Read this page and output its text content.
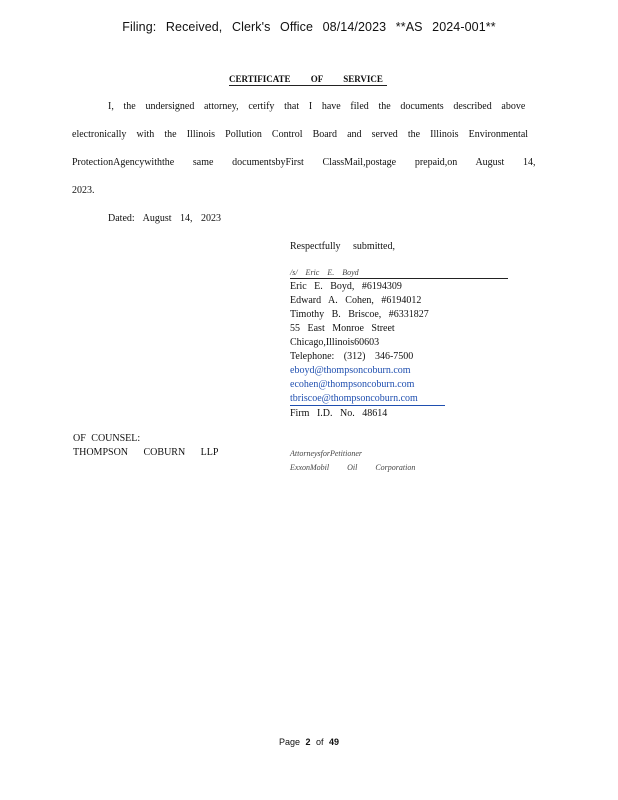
Filing: Received, Clerk's Office 08/14/2023 **AS 2024-001**
CERTIFICATE OF SERVICE
I, the undersigned attorney, certify that I have filed the documents described above
electronically with the Illinois Pollution Control Board and served the Illinois Environmental
ProtectionAgencywiththe same documentsbyFirst ClassMail,postage prepaid,on August 14,
2023.
Dated: August 14, 2023
Respectfully submitted,
/s/ Eric E. Boyd
Eric E. Boyd, #6194309
Edward A. Cohen, #6194012
Timothy B. Briscoe, #6331827
55 East Monroe Street
Chicago,Illinois60603
Telephone: (312) 346-7500
eboyd@thompsoncoburn.com
ecohen@thompsoncoburn.com
tbriscoe@thompsoncoburn.com
Firm I.D. No. 48614
OF COUNSEL:
THOMPSON COBURN LLP	AttorneysforPetitioner
ExxonMobil Oil Corporation
Page 2 of 49
